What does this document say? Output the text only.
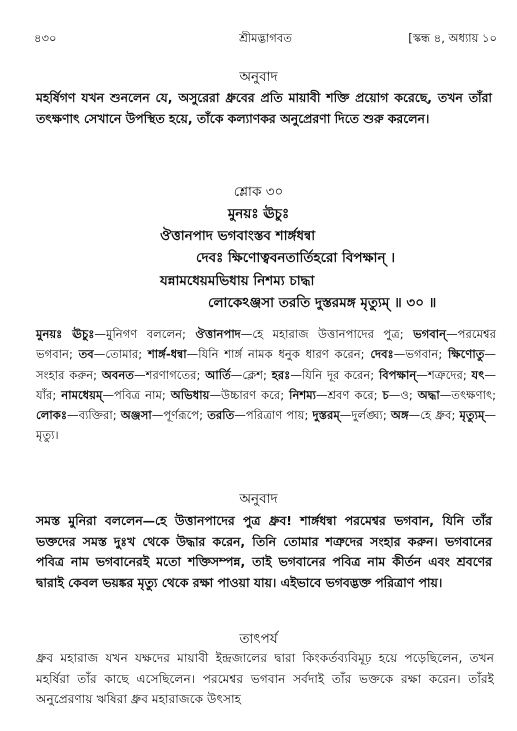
৪৩০	শ্রীমদ্ভাগবত	[স্কন্ধ ৪, অধ্যায় ১০
অনুবাদ
মহর্ষিগণ যখন শুনলেন যে, অসুরেরা ধ্রুবের প্রতি মায়াবী শক্তি প্রয়োগ করেছে, তখন তাঁরা তৎক্ষণাৎ সেখানে উপস্থিত হয়ে, তাঁকে কল্যাণকর অনুপ্রেরণা দিতে শুরু করলেন।
শ্লোক ৩০
মুনয়ঃ ঊচুঃ
ঔত্তানপাদ ভগবাংস্তব শার্ঙ্গধন্বা
দেবঃ ক্ষিণোত্ববনতার্তিহরো বিপক্ষান্ ।
যন্নামধেয়মভিধায় নিশম্য চাদ্ধা
লোকেঽঞ্জসা তরতি দুস্তরমঙ্গ মৃত্যুম্ ॥ ৩০ ॥
মুনয়ঃ ঊচুঃ—মুনিগণ বললেন; ঔত্তানপাদ—হে মহারাজ উত্তানপাদের পুত্র; ভগবান্—পরমেশ্বর ভগবান; তব—তোমার; শার্ঙ্গ-ধন্বা—যিনি শার্ঙ্গ নামক ধনুক ধারণ করেন; দেবঃ—ভগবান; ক্ষিণোতু—সংহার করুন; অবনত—শরণাগতের; আর্তি—ক্লেশ; হরঃ—যিনি দূর করেন; বিপক্ষান্—শত্রুদের; যৎ—যাঁর; নামধেয়ম্—পবিত্র নাম; অভিধায়—উচ্চারণ করে; নিশম্য—শ্রবণ করে; চ—ও; অদ্ধা—তৎক্ষণাৎ; লোকঃ—ব্যক্তিরা; অঞ্জসা—পূর্ণরূপে; তরতি—পরিত্রাণ পায়; দুস্তরম্—দুর্লঙ্ঘ্য; অঙ্গ—হে ধ্রুব; মৃত্যুম্—মৃত্যু।
অনুবাদ
সমস্ত মুনিরা বললেন—হে উত্তানপাদের পুত্র ধ্রুব! শার্ঙ্গধন্বা পরমেশ্বর ভগবান, যিনি তাঁর ভক্তদের সমস্ত দুঃখ থেকে উদ্ধার করেন, তিনি তোমার শত্রুদের সংহার করুন। ভগবানের পবিত্র নাম ভগবানেরই মতো শক্তিসম্পন্ন, তাই ভগবানের পবিত্র নাম কীর্তন এবং শ্রবণের দ্বারাই কেবল ভয়ঙ্কর মৃত্যু থেকে রক্ষা পাওয়া যায়। এইভাবে ভগবদ্ভক্ত পরিত্রাণ পায়।
তাৎপর্য
ধ্রুব মহারাজ যখন যক্ষদের মায়াবী ইন্দ্রজালের দ্বারা কিংকর্তব্যবিমূঢ় হয়ে পড়েছিলেন, তখন মহর্ষিরা তাঁর কাছে এসেছিলেন। পরমেশ্বর ভগবান সর্বদাই তাঁর ভক্তকে রক্ষা করেন। তাঁরই অনুপ্রেরণায় ঋষিরা ধ্রুব মহারাজকে উৎসাহ
